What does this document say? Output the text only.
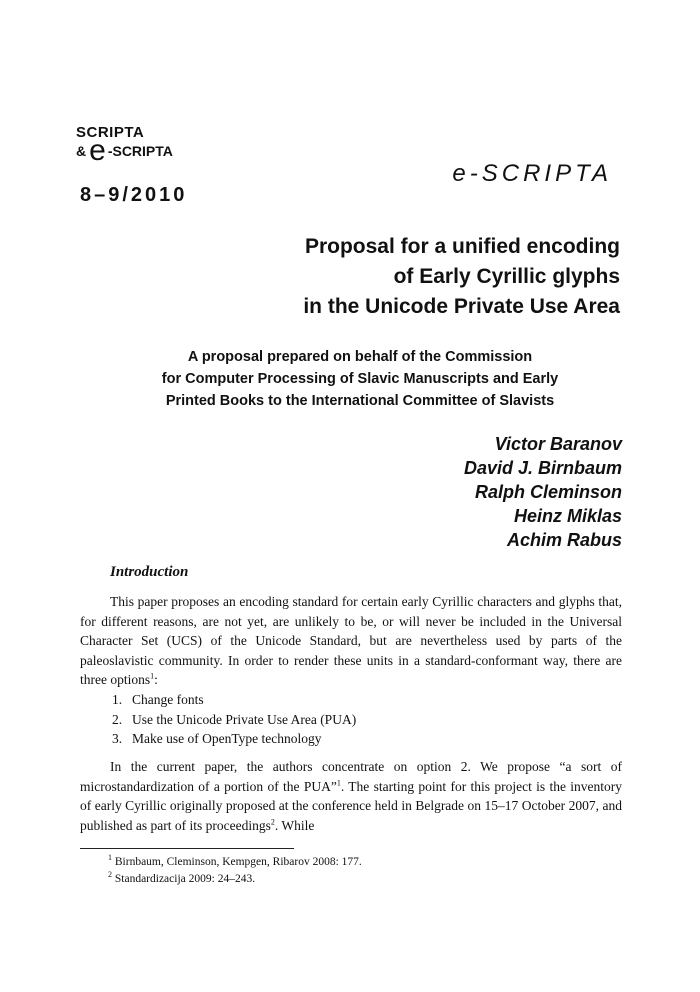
SCRIPTA
& e -SCRIPTA
8–9/2010
e-SCRIPTA
Proposal for a unified encoding
of Early Cyrillic glyphs
in the Unicode Private Use Area
A proposal prepared on behalf of the Commission
for Computer Processing of Slavic Manuscripts and Early
Printed Books to the International Committee of Slavists
Victor Baranov
David J. Birnbaum
Ralph Cleminson
Heinz Miklas
Achim Rabus
Introduction
This paper proposes an encoding standard for certain early Cyrillic characters and glyphs that, for different reasons, are not yet, are unlikely to be, or will never be included in the Universal Character Set (UCS) of the Unicode Standard, but are nevertheless used by parts of the paleoslavistic community. In order to render these units in a standard-conformant way, there are three options$^1$:
1. Change fonts
2. Use the Unicode Private Use Area (PUA)
3. Make use of OpenType technology
In the current paper, the authors concentrate on option 2. We propose “a sort of microstandardization of a portion of the PUA”$^1$. The starting point for this project is the inventory of early Cyrillic originally proposed at the conference held in Belgrade on 15–17 October 2007, and published as part of its proceedings$^2$. While
$^1$ Birnbaum, Cleminson, Kempgen, Ribarov 2008: 177.
$^2$ Standardizacija 2009: 24–243.
